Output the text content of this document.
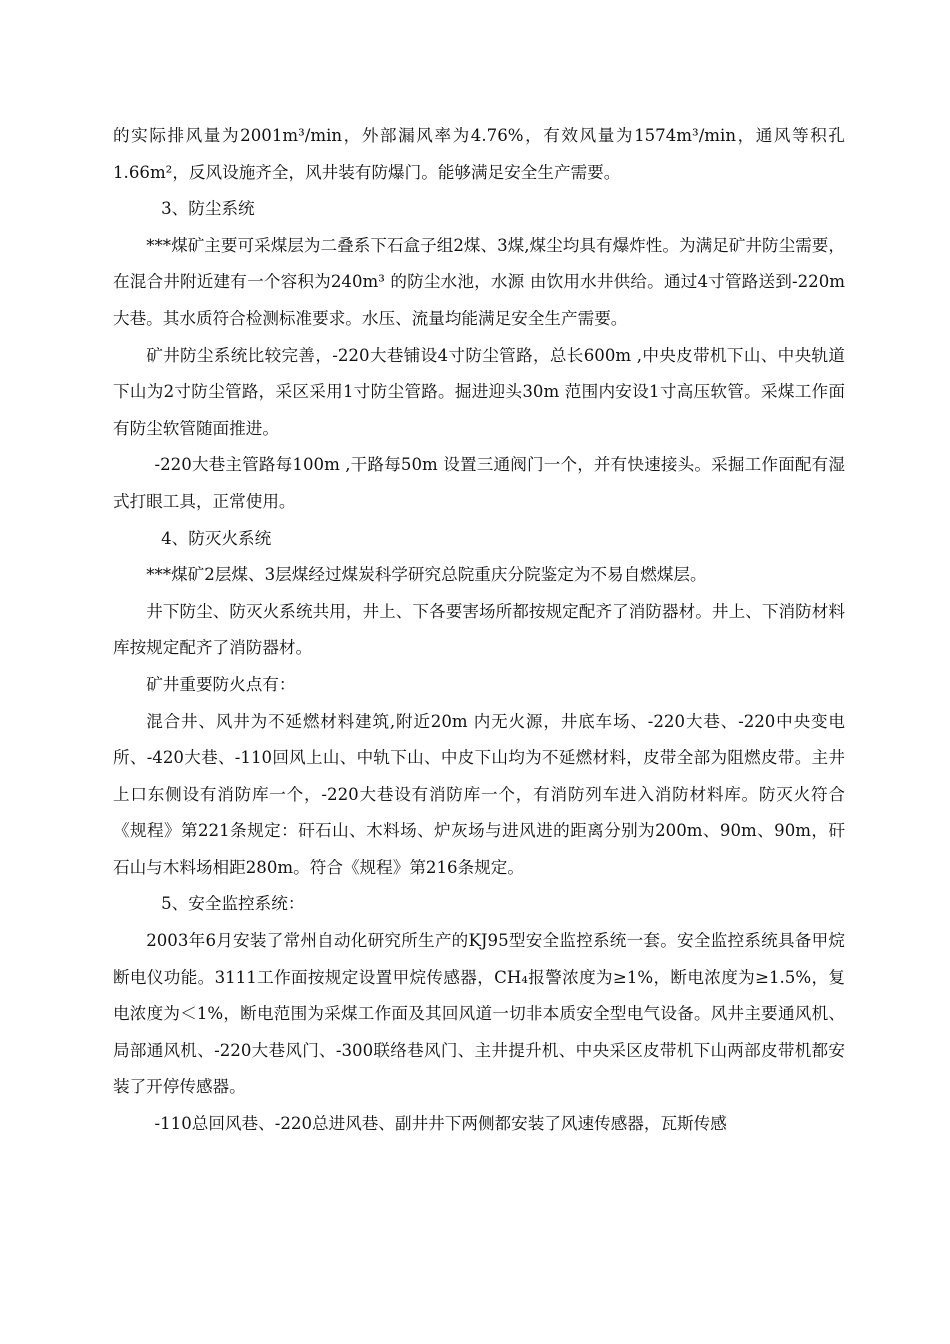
的实际排风量为2001m³/min，外部漏风率为4.76%，有效风量为1574m³/min，通风等积孔1.66m²，反风设施齐全，风井装有防爆门。能够满足安全生产需要。

3、防尘系统

***煤矿主要可采煤层为二叠系下石盒子组2煤、3煤,煤尘均具有爆炸性。为满足矿井防尘需要，在混合井附近建有一个容积为240m³ 的防尘水池，水源 由饮用水井供给。通过4寸管路送到-220m大巷。其水质符合检测标准要求。水压、流量均能满足安全生产需要。

矿井防尘系统比较完善，-220大巷铺设4寸防尘管路，总长600m ,中央皮带机下山、中央轨道下山为2寸防尘管路，采区采用1寸防尘管路。掘进迎头30m 范围内安设1寸高压软管。采煤工作面有防尘软管随面推进。

-220大巷主管路每100m ,干路每50m 设置三通阀门一个，并有快速接头。采掘工作面配有湿式打眼工具，正常使用。

4、防灭火系统

***煤矿2层煤、3层煤经过煤炭科学研究总院重庆分院鉴定为不易自燃煤层。

井下防尘、防灭火系统共用，井上、下各要害场所都按规定配齐了消防器材。井上、下消防材料库按规定配齐了消防器材。

矿井重要防火点有：

混合井、风井为不延燃材料建筑,附近20m 内无火源，井底车场、-220大巷、-220中央变电所、-420大巷、-110回风上山、中轨下山、中皮下山均为不延燃材料，皮带全部为阻燃皮带。主井上口东侧设有消防库一个，-220大巷设有消防库一个，有消防列车进入消防材料库。防灭火符合《规程》第221条规定：矸石山、木料场、炉灰场与进风进的距离分别为200m、90m、90m，矸石山与木料场相距280m。符合《规程》第216条规定。

5、安全监控系统：

2003年6月安装了常州自动化研究所生产的KJ95型安全监控系统一套。安全监控系统具备甲烷断电仪功能。3111工作面按规定设置甲烷传感器，CH₄报警浓度为≥1%，断电浓度为≥1.5%，复电浓度为＜1%，断电范围为采煤工作面及其回风道一切非本质安全型电气设备。风井主要通风机、局部通风机、-220大巷风门、-300联络巷风门、主井提升机、中央采区皮带机下山两部皮带机都安装了开停传感器。

-110总回风巷、-220总进风巷、副井井下两侧都安装了风速传感器，瓦斯传感
